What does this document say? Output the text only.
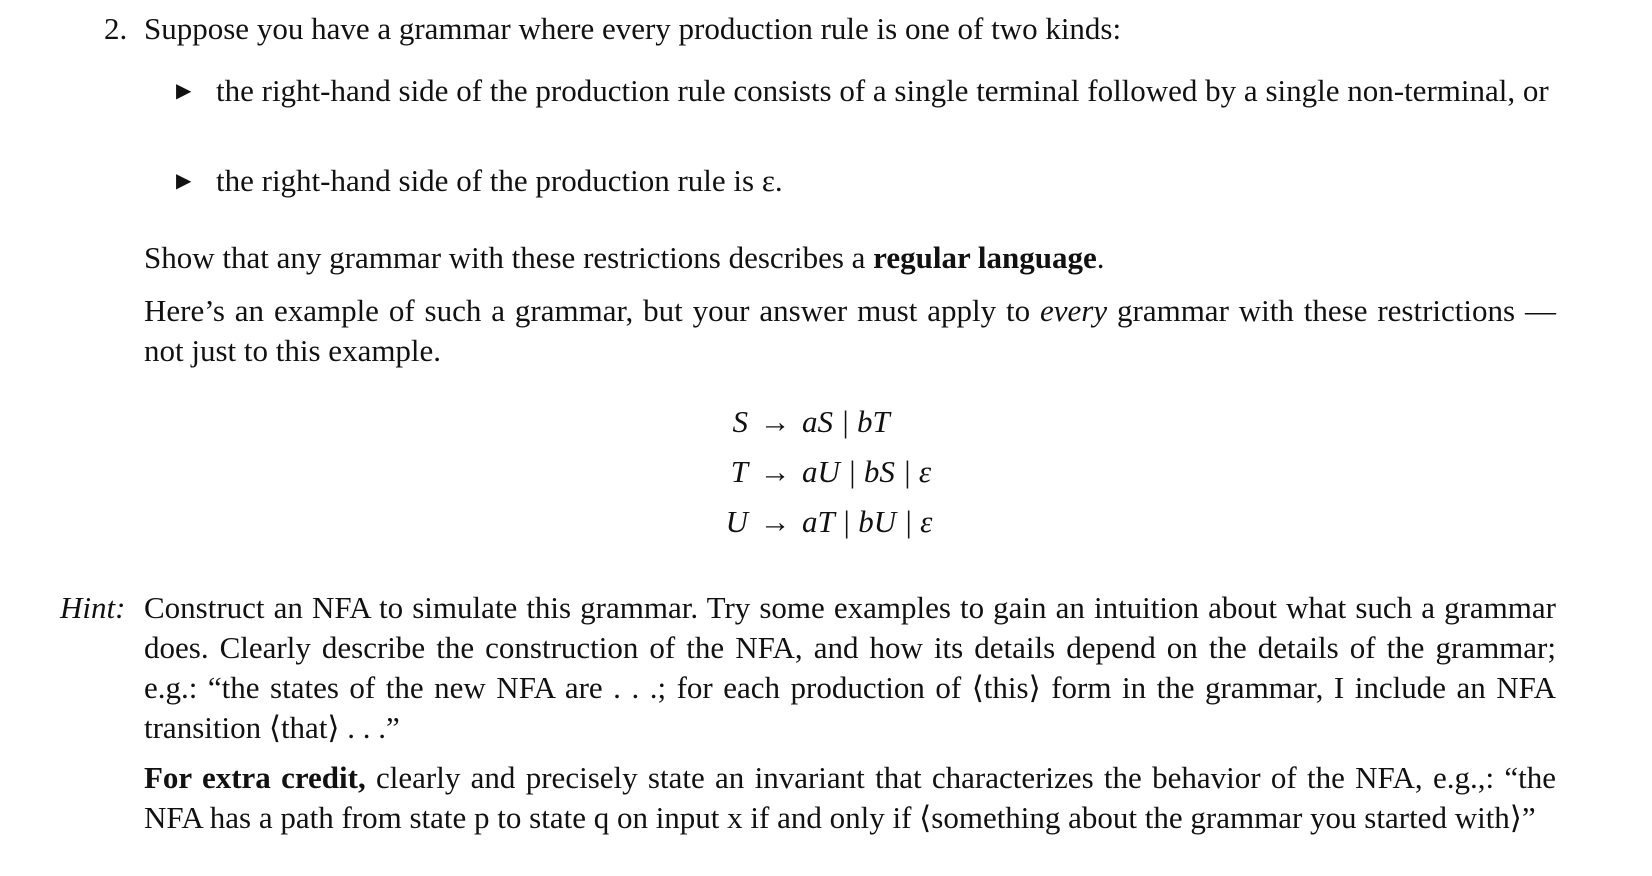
2. Suppose you have a grammar where every production rule is one of two kinds:
▶ the right-hand side of the production rule consists of a single terminal followed by a single non-terminal, or
▶ the right-hand side of the production rule is ε.
Show that any grammar with these restrictions describes a regular language.
Here’s an example of such a grammar, but your answer must apply to every grammar with these restrictions — not just to this example.
S → aS | bT
T → aU | bS | ε
U → aT | bU | ε
Hint: Construct an NFA to simulate this grammar. Try some examples to gain an intuition about what such a grammar does. Clearly describe the construction of the NFA, and how its details depend on the details of the grammar; e.g.: “the states of the new NFA are . . .; for each production of ⟨this⟩ form in the grammar, I include an NFA transition ⟨that⟩ . . .”
For extra credit, clearly and precisely state an invariant that characterizes the behavior of the NFA, e.g.,: “the NFA has a path from state p to state q on input x if and only if ⟨something about the grammar you started with⟩”
